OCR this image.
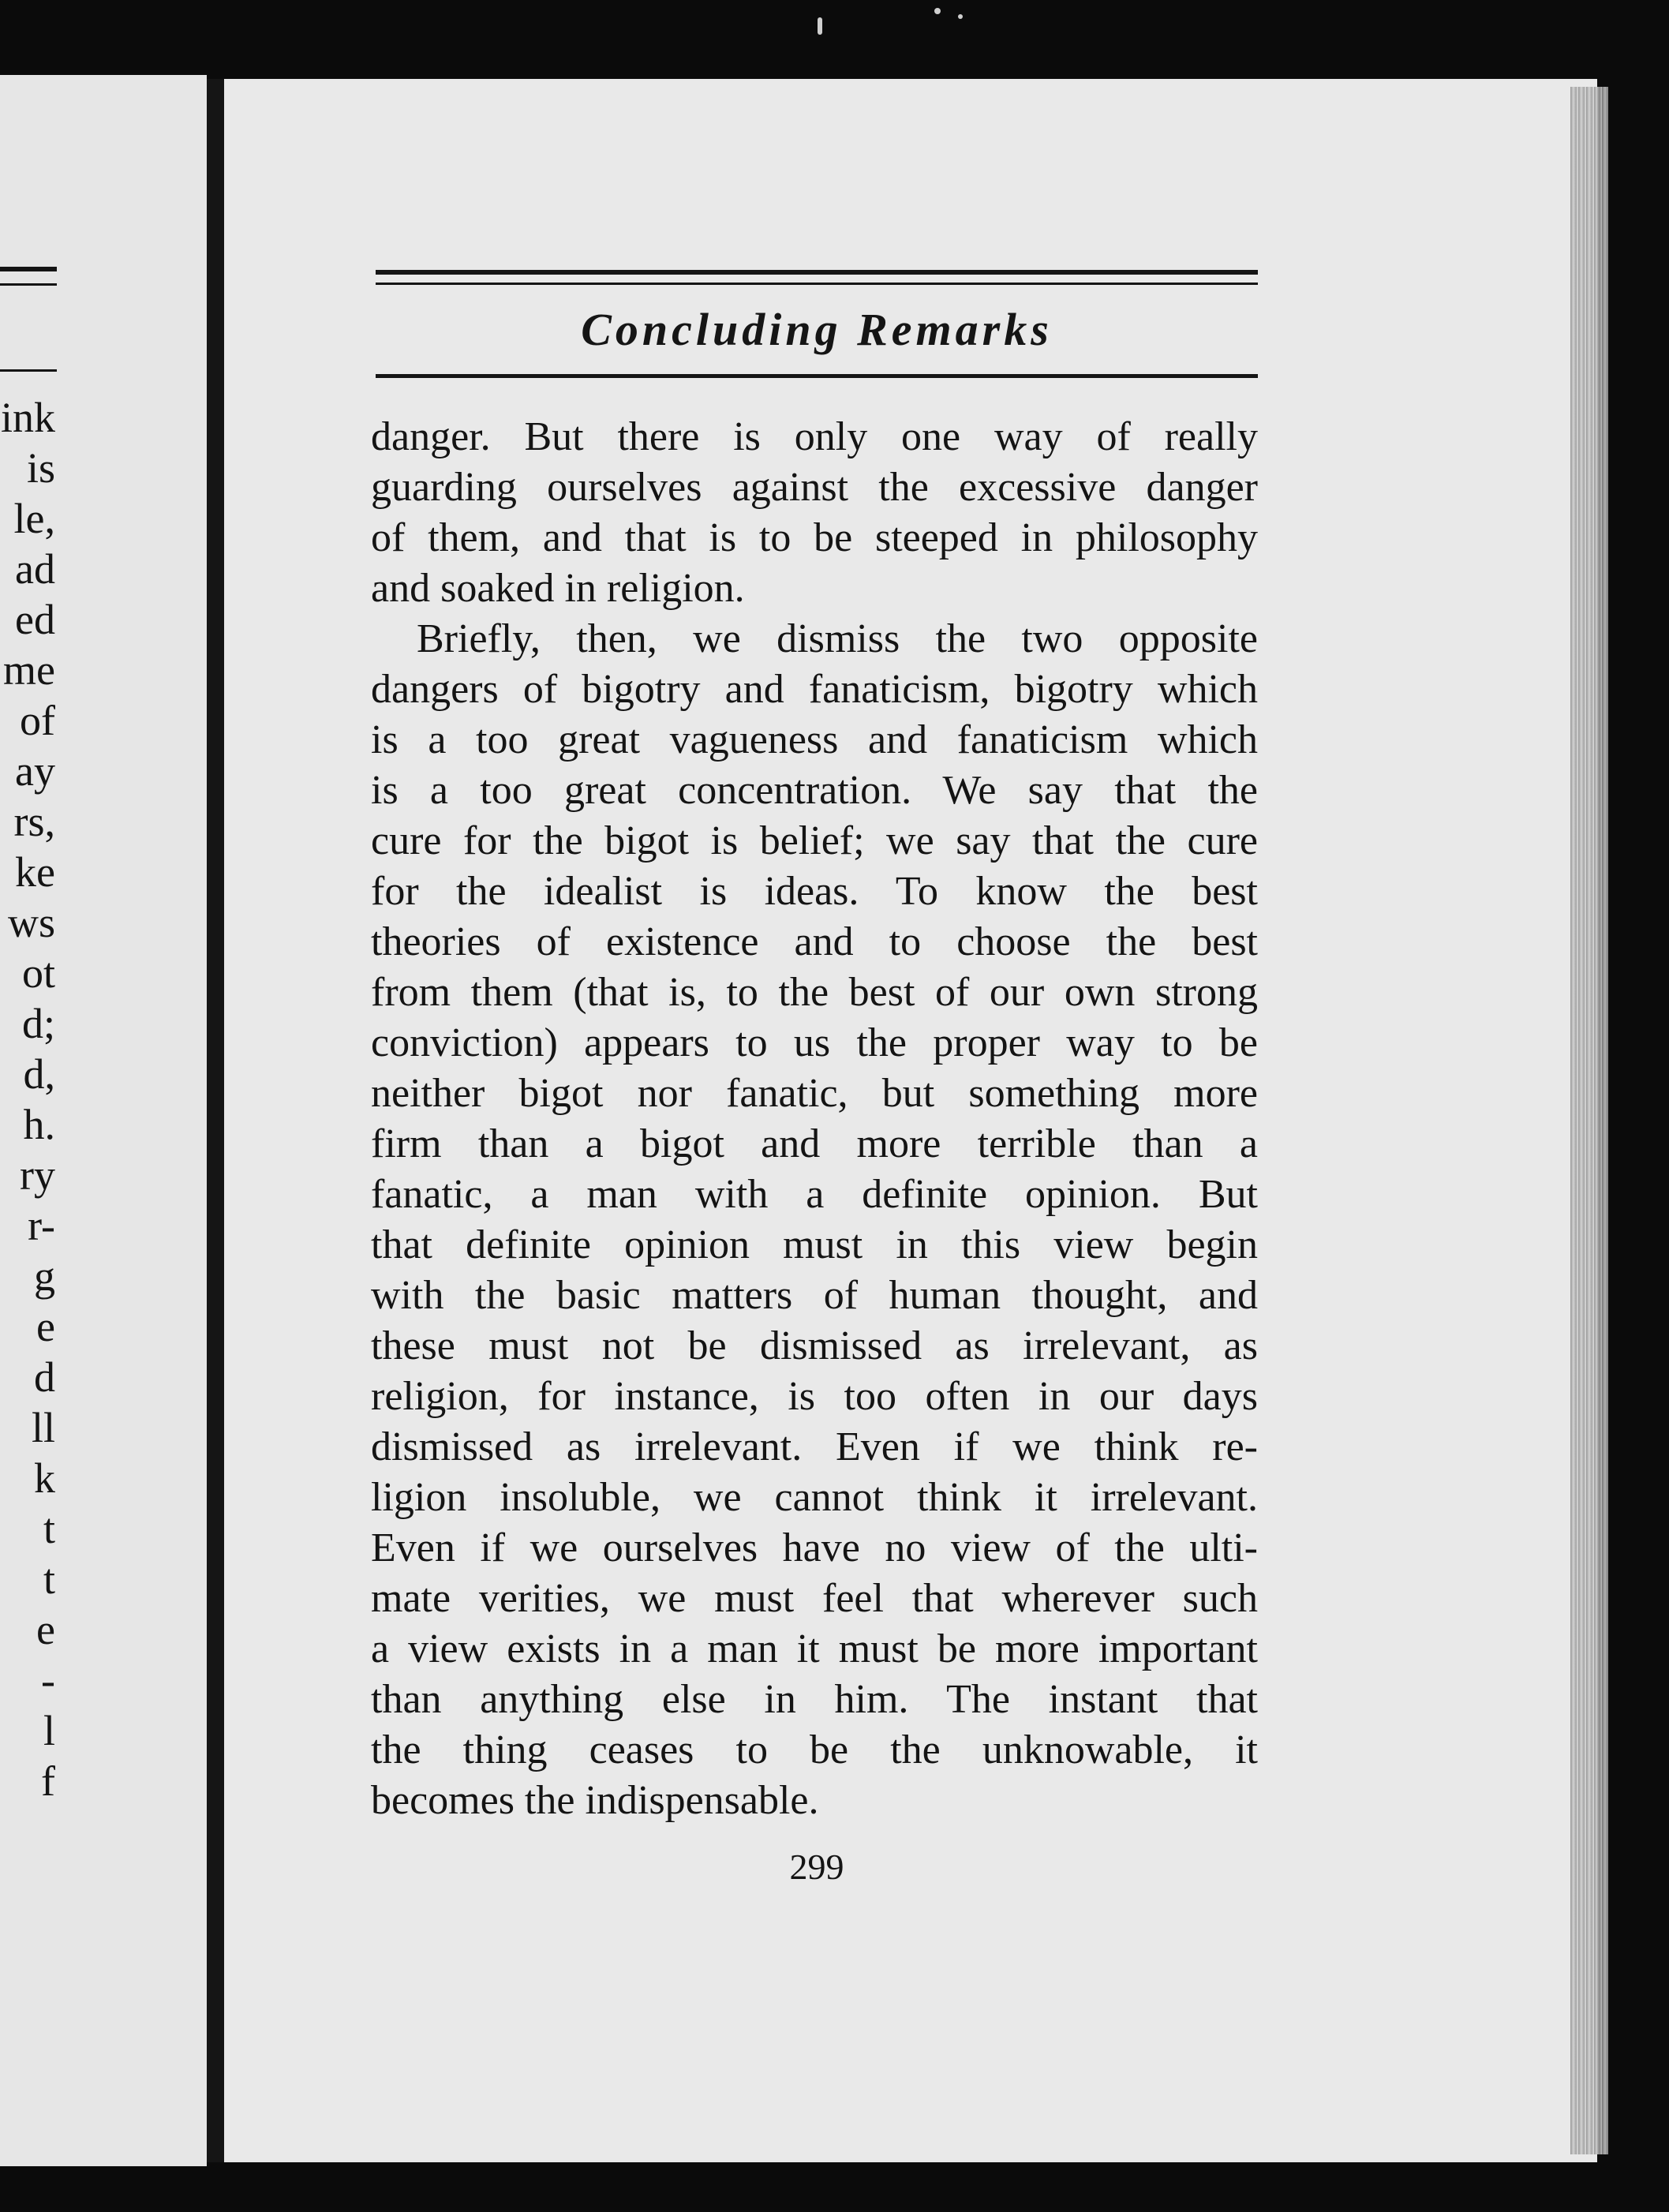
ink
is
le,
ad
ed
me
of
ay
rs,
ke
ws
ot
d;
d,
h.
ry
r-
g
e
d
ll
k
t
t
e
-
l
f
Concluding Remarks
danger. But there is only one way of really
guarding ourselves against the excessive danger
of them, and that is to be steeped in philosophy
and soaked in religion.
Briefly, then, we dismiss the two opposite
dangers of bigotry and fanaticism, bigotry which
is a too great vagueness and fanaticism which
is a too great concentration. We say that the
cure for the bigot is belief; we say that the cure
for the idealist is ideas. To know the best
theories of existence and to choose the best
from them (that is, to the best of our own strong
conviction) appears to us the proper way to be
neither bigot nor fanatic, but something more
firm than a bigot and more terrible than a
fanatic, a man with a definite opinion. But
that definite opinion must in this view begin
with the basic matters of human thought, and
these must not be dismissed as irrelevant, as
religion, for instance, is too often in our days
dismissed as irrelevant. Even if we think re-
ligion insoluble, we cannot think it irrelevant.
Even if we ourselves have no view of the ulti-
mate verities, we must feel that wherever such
a view exists in a man it must be more important
than anything else in him. The instant that
the thing ceases to be the unknowable, it
becomes the indispensable.
299
